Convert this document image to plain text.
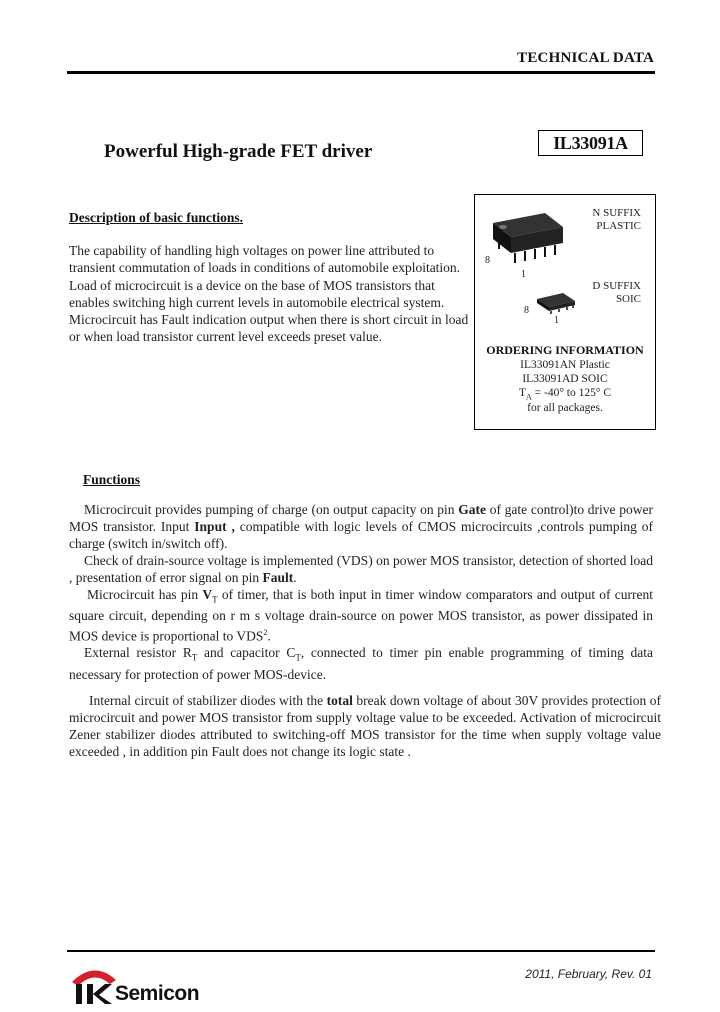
TECHNICAL DATA
Powerful High-grade FET driver	IL33091A
Description of basic functions.
The capability of handling high voltages on power line attributed to transient commutation of loads in conditions of automobile exploitation.
Load of microcircuit is a device on the base of MOS transistors that enables switching high current levels in automobile electrical system. Microcircuit has Fault indication output when there is short circuit in load or when load transistor current level exceeds preset value.
8
1
N SUFFIX
PLASTIC
8
1
D SUFFIX
SOIC
ORDERING INFORMATION
IL33091AN Plastic
IL33091AD SOIC
$T_A = -40^\circ$ to 125° C
for all packages.
Functions

Microcircuit provides pumping of charge (on output capacity on pin Gate of gate control)to drive power MOS transistor. Input Input , compatible with logic levels of CMOS microcircuits ,controls pumping of charge (switch in/switch off).

Check of drain-source voltage is implemented (VDS) on power MOS transistor, detection of shorted load , presentation of error signal on pin Fault.

Microcircuit has pin $V_T$ of timer, that is both input in timer window comparators and output of current square circuit, depending on r m s voltage drain-source on power MOS transistor, as power dissipated in MOS device is proportional to VDS$^2$.

External resistor $R_T$ and capacitor $C_T$, connected to timer pin enable programming of timing data necessary for protection of power MOS-device.

Internal circuit of stabilizer diodes with the total break down voltage of about 30V provides protection of microcircuit and power MOS transistor from supply voltage value to be exceeded. Activation of microcircuit Zener stabilizer diodes attributed to switching-off MOS transistor for the time when supply voltage value exceeded , in addition pin Fault does not change its logic state .

2011, February, Rev. 01
Semicon
